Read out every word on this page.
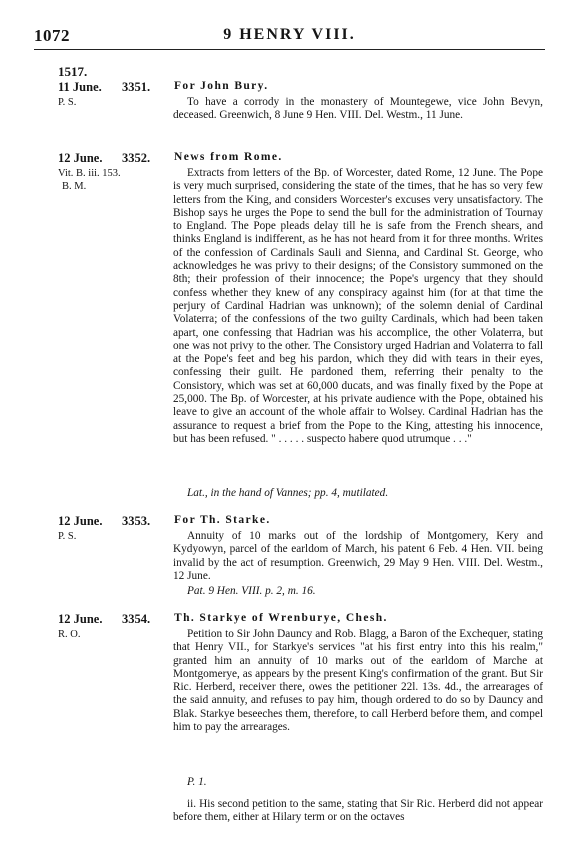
1072	9 HENRY VIII.
1517.
11 June.
P. S.
3351. For John Bury.
To have a corrody in the monastery of Mountegewe, vice John Bevyn, deceased. Greenwich, 8 June 9 Hen. VIII. Del. Westm., 11 June.
12 June.
Vit. B. iii. 153.
B. M.
3352. News from Rome.
Extracts from letters of the Bp. of Worcester, dated Rome, 12 June. The Pope is very much surprised, considering the state of the times, that he has so very few letters from the King, and considers Worcester's excuses very unsatisfactory. The Bishop says he urges the Pope to send the bull for the administration of Tournay to England. The Pope pleads delay till he is safe from the French shears, and thinks England is indifferent, as he has not heard from it for three months. Writes of the confession of Cardinals Sauli and Sienna, and Cardinal St. George, who acknowledges he was privy to their designs; of the Consistory summoned on the 8th; their profession of their innocence; the Pope's urgency that they should confess whether they knew of any conspiracy against him (for at that time the perjury of Cardinal Hadrian was unknown); of the solemn denial of Cardinal Volaterra; of the confessions of the two guilty Cardinals, which had been taken apart, one confessing that Hadrian was his accomplice, the other Volaterra, but one was not privy to the other. The Consistory urged Hadrian and Volaterra to fall at the Pope's feet and beg his pardon, which they did with tears in their eyes, confessing their guilt. He pardoned them, referring their penalty to the Consistory, which was set at 60,000 ducats, and was finally fixed by the Pope at 25,000. The Bp. of Worcester, at his private audience with the Pope, obtained his leave to give an account of the whole affair to Wolsey. Cardinal Hadrian has the assurance to request a brief from the Pope to the King, attesting his innocence, but has been refused. " . . . . . suspecto habere quod utrumque . . ."
Lat., in the hand of Vannes; pp. 4, mutilated.
12 June.
P. S.
3353. For Th. Starke.
Annuity of 10 marks out of the lordship of Montgomery, Kery and Kydyowyn, parcel of the earldom of March, his patent 6 Feb. 4 Hen. VII. being invalid by the act of resumption. Greenwich, 29 May 9 Hen. VIII. Del. Westm., 12 June.
Pat. 9 Hen. VIII. p. 2, m. 16.
12 June.
R. O.
3354. Th. Starkye of Wrenburye, Chesh.
Petition to Sir John Dauncy and Rob. Blagg, a Baron of the Exchequer, stating that Henry VII., for Starkye's services "at his first entry into this his realm," granted him an annuity of 10 marks out of the earldom of Marche at Montgomerye, as appears by the present King's confirmation of the grant. But Sir Ric. Herberd, receiver there, owes the petitioner 22l. 13s. 4d., the arrearages of the said annuity, and refuses to pay him, though ordered to do so by Dauncy and Blak. Starkye beseeches them, therefore, to call Herberd before them, and compel him to pay the arrearages.
P. 1.
ii. His second petition to the same, stating that Sir Ric. Herberd did not appear before them, either at Hilary term or on the octaves
